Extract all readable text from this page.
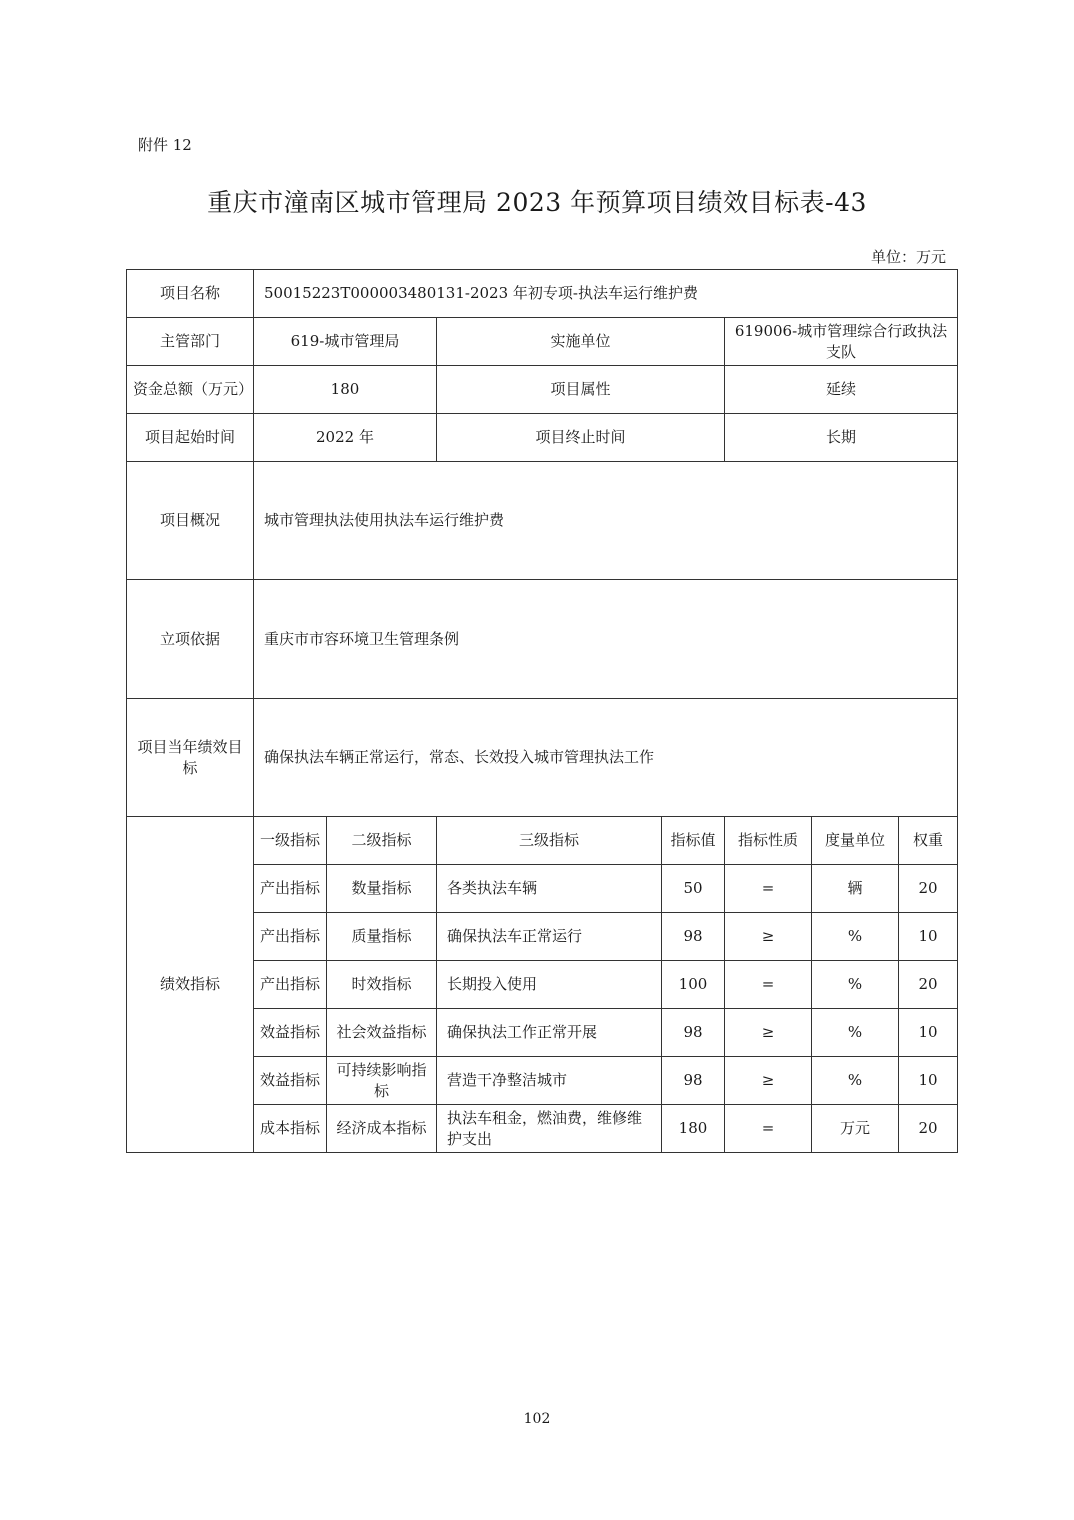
附件 12
重庆市潼南区城市管理局 2023 年预算项目绩效目标表-43
单位：万元
项目名称	50015223T000003480131-2023 年初专项-执法车运行维护费						
主管部门	619-城市管理局		实施单位		619006-城市管理综合行政执法支队		
资金总额（万元）	180		项目属性		延续		
项目起始时间	2022 年		项目终止时间		长期		
项目概况	城市管理执法使用执法车运行维护费						
立项依据	重庆市市容环境卫生管理条例						
项目当年绩效目标	确保执法车辆正常运行，常态、长效投入城市管理执法工作						
绩效指标	一级指标	二级指标	三级指标	指标值	指标性质	度量单位	权重
	产出指标	数量指标	各类执法车辆	50	=	辆	20
	产出指标	质量指标	确保执法车正常运行	98	≥	%	10
	产出指标	时效指标	长期投入使用	100	=	%	20
	效益指标	社会效益指标	确保执法工作正常开展	98	≥	%	10
	效益指标	可持续影响指标	营造干净整洁城市	98	≥	%	10
	成本指标	经济成本指标	执法车租金，燃油费，维修维护支出	180	=	万元	20
102
